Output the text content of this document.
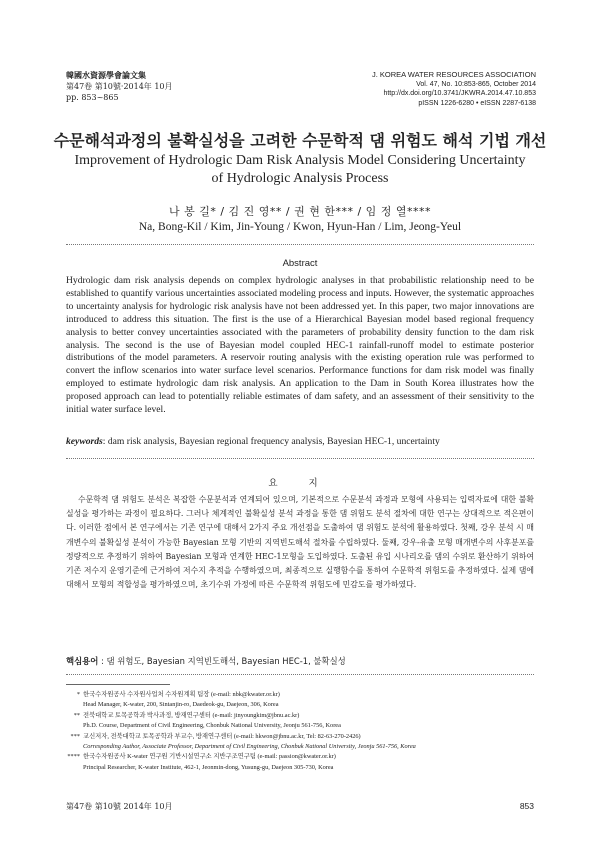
韓國水資源學會論文集
第47卷 第10號·2014年 10月
pp. 853~865
J. KOREA WATER RESOURCES ASSOCIATION
Vol. 47, No. 10:853-865, October 2014
http://dx.doi.org/10.3741/JKWRA.2014.47.10.853
pISSN 1226-6280 • eISSN 2287-6138
수문해석과정의 불확실성을 고려한 수문학적 댐 위험도 해석 기법 개선
Improvement of Hydrologic Dam Risk Analysis Model Considering Uncertainty
of Hydrologic Analysis Process
나 봉 길* / 김 진 영** / 권 현 한*** / 임 정 열****
Na, Bong-Kil / Kim, Jin-Young / Kwon, Hyun-Han / Lim, Jeong-Yeul
Abstract
Hydrologic dam risk analysis depends on complex hydrologic analyses in that probabilistic relationship need to be established to quantify various uncertainties associated modeling process and inputs. However, the systematic approaches to uncertainty analysis for hydrologic risk analysis have not been addressed yet. In this paper, two major innovations are introduced to address this situation. The first is the use of a Hierarchical Bayesian model based regional frequency analysis to better convey uncertainties associated with the parameters of probability density function to the dam risk analysis. The second is the use of Bayesian model coupled HEC-1 rainfall-runoff model to estimate posterior distributions of the model parameters. A reservoir routing analysis with the existing operation rule was performed to convert the inflow scenarios into water surface level scenarios. Performance functions for dam risk model was finally employed to estimate hydrologic dam risk analysis. An application to the Dam in South Korea illustrates how the proposed approach can lead to potentially reliable estimates of dam safety, and an assessment of their sensitivity to the initial water surface level.
keywords: dam risk analysis, Bayesian regional frequency analysis, Bayesian HEC-1, uncertainty
요 지
수문학적 댐 위험도 분석은 복잡한 수문분석과 연계되어 있으며, 기본적으로 수문분석 과정과 모형에 사용되는 입력자료에 대한 불확실성을 평가하는 과정이 필요하다. 그러나 체계적인 불확실성 분석 과정을 통한 댐 위험도 분석 절차에 대한 연구는 상대적으로 적은편이다. 이러한 점에서 본 연구에서는 기존 연구에 대해서 2가지 주요 개선점을 도출하여 댐 위험도 분석에 활용하였다. 첫째, 강우 분석 시 매개변수의 불확실성 분석이 가능한 Bayesian 모형 기반의 지역빈도해석 절차를 수립하였다. 둘째, 강우-유출 모형 매개변수의 사후분포를 정량적으로 추정하기 위하여 Bayesian 모형과 연계한 HEC-1모형을 도입하였다. 도출된 유입 시나리오를 댐의 수위로 환산하기 위하여 기존 저수지 운영기준에 근거하여 저수지 추적을 수행하였으며, 최종적으로 실행함수를 통하여 수문학적 위험도를 추정하였다. 실제 댐에 대해서 모형의 적합성을 평가하였으며, 초기수위 가정에 따른 수문학적 위험도에 민감도를 평가하였다.
핵심용어 : 댐 위험도, Bayesian 지역빈도해석, Bayesian HEC-1, 불확실성
* 한국수자원공사 수자원사업처 수자원계획 팀장 (e-mail: nbk@kwater.or.kr)
Head Manager, K-water, 200, Sintanjin-ro, Daedeok-gu, Daejeon, 306, Korea
** 전북대학교 토목공학과 박사과정, 방재연구센터 (e-mail: jinyoungkim@jbnu.ac.kr)
Ph.D. Course, Department of Civil Engineering, Chonbuk National University, Jeonju 561-756, Korea
*** 교신저자, 전북대학교 토목공학과 부교수, 방재연구센터 (e-mail: hkwon@jbnu.ac.kr, Tel: 82-63-270-2426)
Corresponding Author, Associate Professor, Department of Civil Engineering, Chonbuk National University, Jeonju 561-756, Korea
**** 한국수자원공사 K-water 연구원 기반시설연구소 지반구조연구팀 (e-mail: passion@kwater.or.kr)
Principal Researcher, K-water Institute, 462-1, Jeonmin-dong, Yusung-gu, Daejeon 305-730, Korea
第47卷 第10號 2014年 10月	853
